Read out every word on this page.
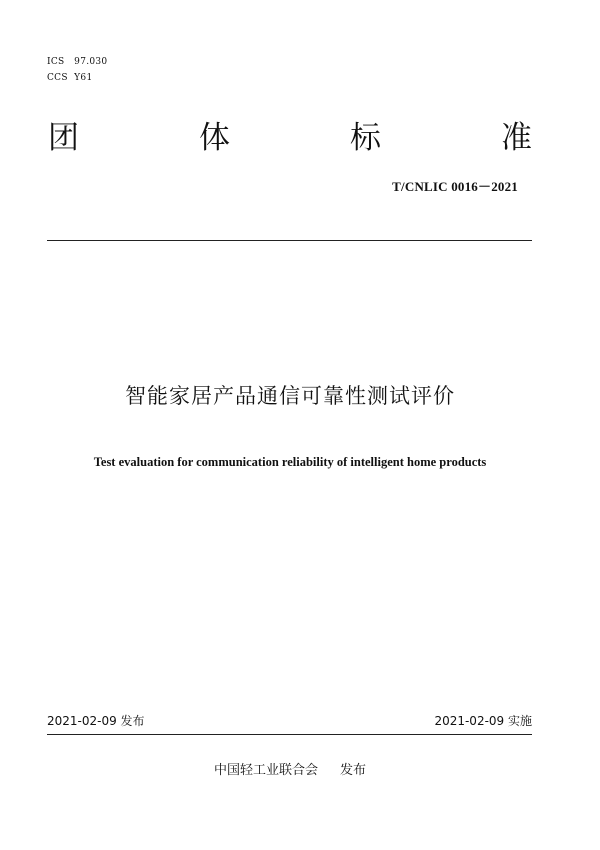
ICS 97.030
CCS Y61
团	体	标	准
T/CNLIC 0016－2021
智能家居产品通信可靠性测试评价
Test evaluation for communication reliability of intelligent home products
2021-02-09 发布	2021-02-09 实施
中国轻工业联合会 发布
